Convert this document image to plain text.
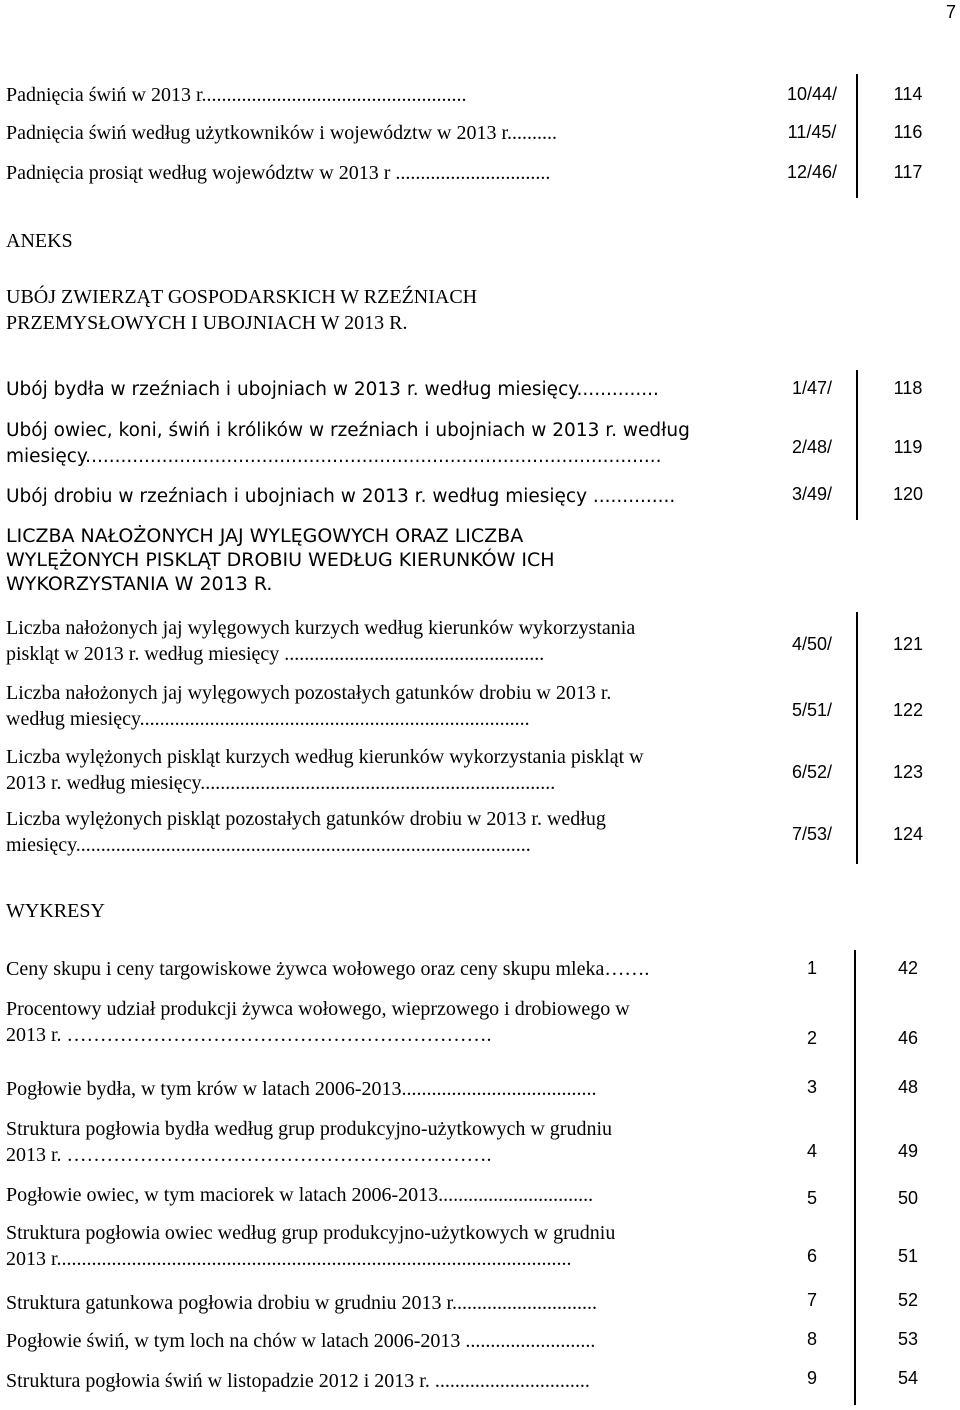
7
Padnięcia świń w 2013 r.....................................................	10/44/	114
Padnięcia świń według użytkowników i województw w 2013 r..........	11/45/	116
Padnięcia prosiąt według województw w 2013 r ...............................	12/46/	117
ANEKS
UBÓJ ZWIERZĄT GOSPODARSKICH W RZEŹNIACH
PRZEMYSŁOWYCH I UBOJNIACH W 2013 R.
Ubój bydła w rzeźniach i ubojniach w 2013 r. według miesięcy..............	1/47/	118
Ubój owiec, koni, świń i królików w rzeźniach i ubojniach w 2013 r. według
miesięcy..................................................................................................	2/48/	119
Ubój drobiu w rzeźniach i ubojniach w 2013 r. według miesięcy ..............	3/49/	120
LICZBA NAŁOŻONYCH JAJ WYLĘGOWYCH ORAZ LICZBA
WYLĘŻONYCH PISKLĄT DROBIU WEDŁUG KIERUNKÓW ICH
WYKORZYSTANIA W 2013 R.
Liczba nałożonych jaj wylęgowych kurzych według kierunków wykorzystania
piskląt w 2013 r. według miesięcy ....................................................	4/50/	121
Liczba nałożonych jaj wylęgowych pozostałych gatunków drobiu w 2013 r.
według miesięcy..............................................................................	5/51/	122
Liczba wylężonych piskląt kurzych według kierunków wykorzystania piskląt w
2013 r. według miesięcy.......................................................................	6/52/	123
Liczba wylężonych piskląt pozostałych gatunków drobiu w 2013 r. według
miesięcy...........................................................................................	7/53/	124
WYKRESY
Ceny skupu i ceny targowiskowe żywca wołowego oraz ceny skupu mleka…….	1	42
Procentowy udział produkcji żywca wołowego, wieprzowego i drobiowego w
2013 r. ……………………………………………………….	2	46
Pogłowie bydła, w tym krów w latach 2006-2013.......................................	3	48
Struktura pogłowia bydła według grup produkcyjno-użytkowych w grudniu
2013 r. ……………………………………………………….	4	49
Pogłowie owiec, w tym maciorek w latach 2006-2013...............................	5	50
Struktura pogłowia owiec według grup produkcyjno-użytkowych w grudniu
2013 r.......................................................................................................	6	51
Struktura gatunkowa pogłowia drobiu w grudniu 2013 r.............................	7	52
Pogłowie świń, w tym loch na chów w latach 2006-2013 ..........................	8	53
Struktura pogłowia świń w listopadzie 2012 i 2013 r. ...............................	9	54
